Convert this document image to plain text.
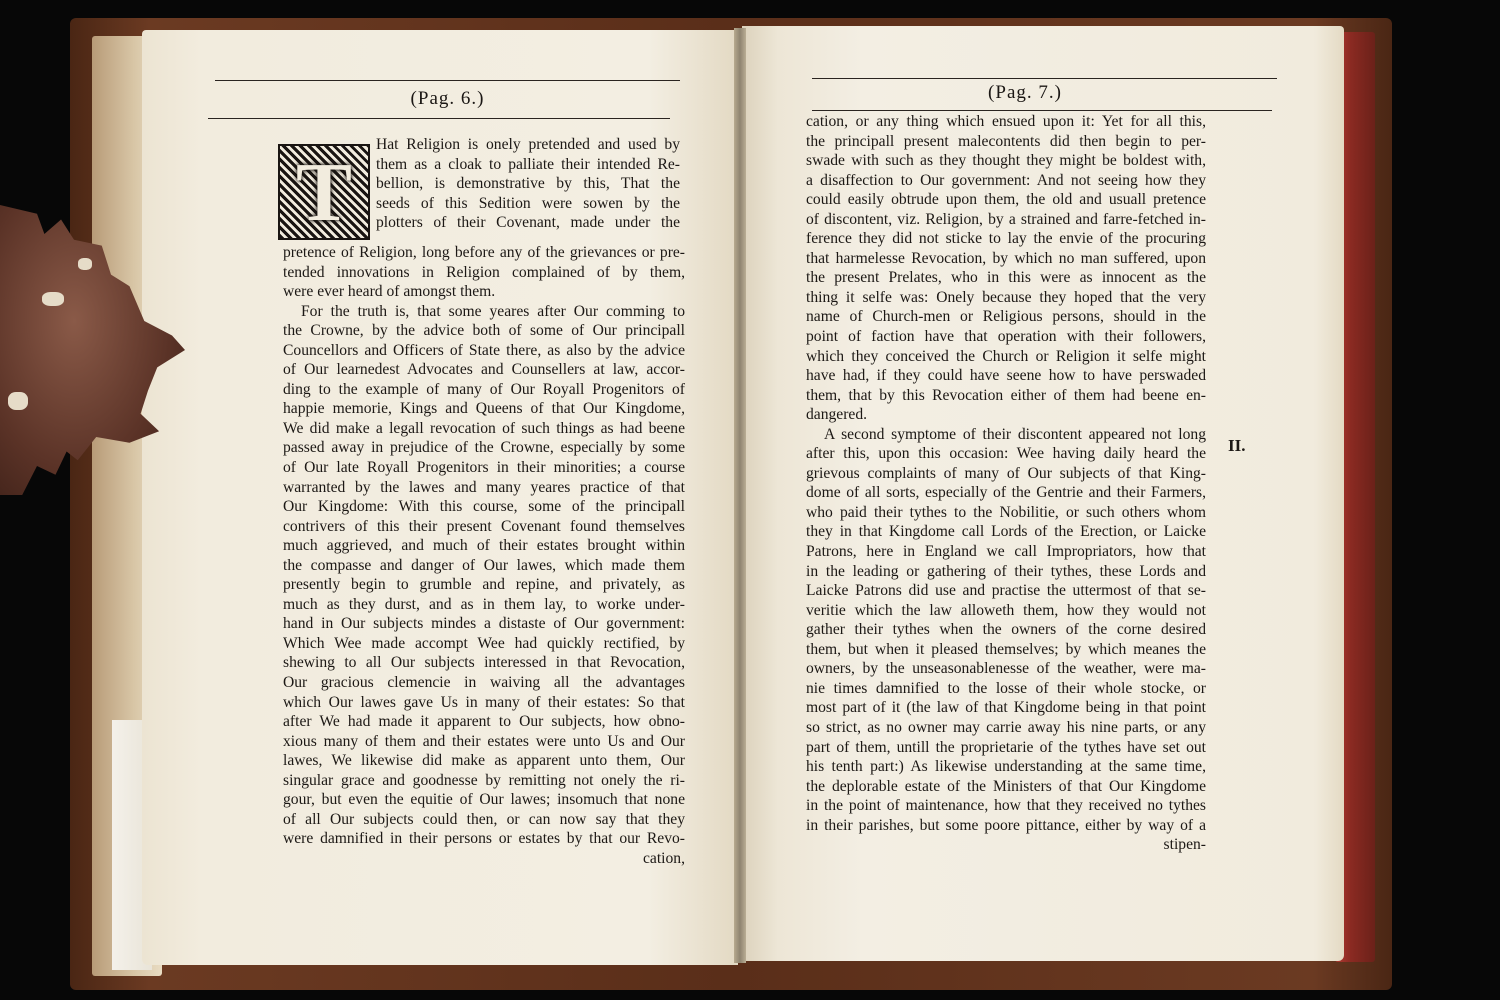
(Pag. 6.)
T
Hat Religion is onely pretended and used by
them as a cloak to palliate their intended Re-
bellion, is demonstrative by this, That the
seeds of this Sedition were sowen by the
plotters of their Covenant, made under the
pretence of Religion, long before any of the grievances or pre-
tended innovations in Religion complained of by them,
were ever heard of amongst them.
For the truth is, that some yeares after Our comming to
the Crowne, by the advice both of some of Our principall
Councellors and Officers of State there, as also by the advice
of Our learnedest Advocates and Counsellers at law, accor-
ding to the example of many of Our Royall Progenitors of
happie memorie, Kings and Queens of that Our Kingdome,
We did make a legall revocation of such things as had beene
passed away in prejudice of the Crowne, especially by some
of Our late Royall Progenitors in their minorities; a course
warranted by the lawes and many yeares practice of that
Our Kingdome: With this course, some of the principall
contrivers of this their present Covenant found themselves
much aggrieved, and much of their estates brought within
the compasse and danger of Our lawes, which made them
presently begin to grumble and repine, and privately, as
much as they durst, and as in them lay, to worke under-
hand in Our subjects mindes a distaste of Our government:
Which Wee made accompt Wee had quickly rectified, by
shewing to all Our subjects interessed in that Revocation,
Our gracious clemencie in waiving all the advantages
which Our lawes gave Us in many of their estates: So that
after We had made it apparent to Our subjects, how obno-
xious many of them and their estates were unto Us and Our
lawes, We likewise did make as apparent unto them, Our
singular grace and goodnesse by remitting not onely the ri-
gour, but even the equitie of Our lawes; insomuch that none
of all Our subjects could then, or can now say that they
were damnified in their persons or estates by that our Revo-
cation,
(Pag. 7.)
cation, or any thing which ensued upon it: Yet for all this,
the principall present malecontents did then begin to per-
swade with such as they thought they might be boldest with,
a disaffection to Our government: And not seeing how they
could easily obtrude upon them, the old and usuall pretence
of discontent, viz. Religion, by a strained and farre-fetched in-
ference they did not sticke to lay the envie of the procuring
that harmelesse Revocation, by which no man suffered, upon
the present Prelates, who in this were as innocent as the
thing it selfe was: Onely because they hoped that the very
name of Church-men or Religious persons, should in the
point of faction have that operation with their followers,
which they conceived the Church or Religion it selfe might
have had, if they could have seene how to have perswaded
them, that by this Revocation either of them had beene en-
dangered.
A second symptome of their discontent appeared not long
after this, upon this occasion: Wee having daily heard the
grievous complaints of many of Our subjects of that King-
dome of all sorts, especially of the Gentrie and their Farmers,
who paid their tythes to the Nobilitie, or such others whom
they in that Kingdome call Lords of the Erection, or Laicke
Patrons, here in England we call Impropriators, how that
in the leading or gathering of their tythes, these Lords and
Laicke Patrons did use and practise the uttermost of that se-
veritie which the law alloweth them, how they would not
gather their tythes when the owners of the corne desired
them, but when it pleased themselves; by which meanes the
owners, by the unseasonablenesse of the weather, were ma-
nie times damnified to the losse of their whole stocke, or
most part of it (the law of that Kingdome being in that point
so strict, as no owner may carrie away his nine parts, or any
part of them, untill the proprietarie of the tythes have set out
his tenth part:) As likewise understanding at the same time,
the deplorable estate of the Ministers of that Our Kingdome
in the point of maintenance, how that they received no tythes
in their parishes, but some poore pittance, either by way of a
stipen-
II.
